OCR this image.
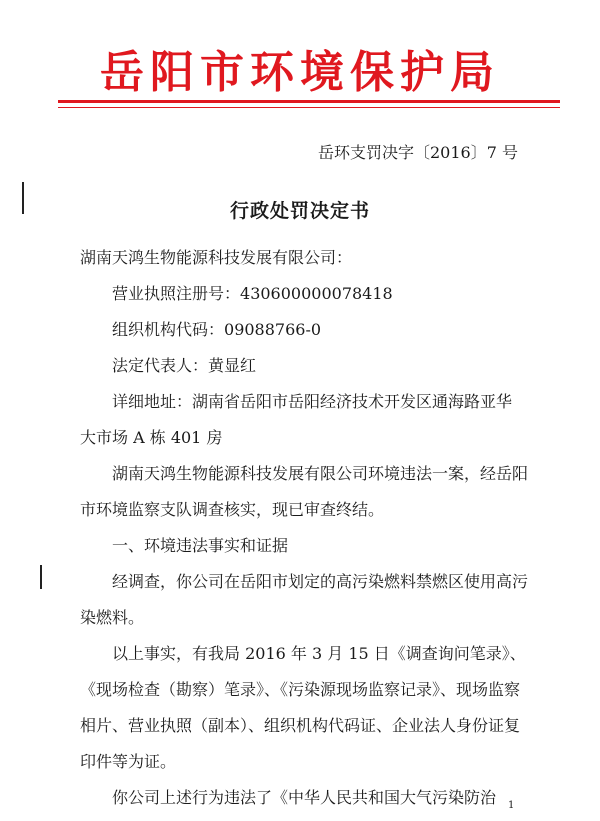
岳阳市环境保护局
岳环支罚决字〔2016〕7 号
行政处罚决定书

湖南天鸿生物能源科技发展有限公司：

营业执照注册号：430600000078418

组织机构代码：09088766-0

法定代表人：黄显红

详细地址：湖南省岳阳市岳阳经济技术开发区通海路亚华大市场 A 栋 401 房

湖南天鸿生物能源科技发展有限公司环境违法一案，经岳阳市环境监察支队调查核实，现已审查终结。

一、环境违法事实和证据

经调查，你公司在岳阳市划定的高污染燃料禁燃区使用高污染燃料。

以上事实，有我局 2016 年 3 月 15 日《调查询问笔录》、《现场检查（勘察）笔录》、《污染源现场监察记录》、现场监察相片、营业执照（副本）、组织机构代码证、企业法人身份证复印件等为证。

你公司上述行为违法了《中华人民共和国大气污染防治	1
